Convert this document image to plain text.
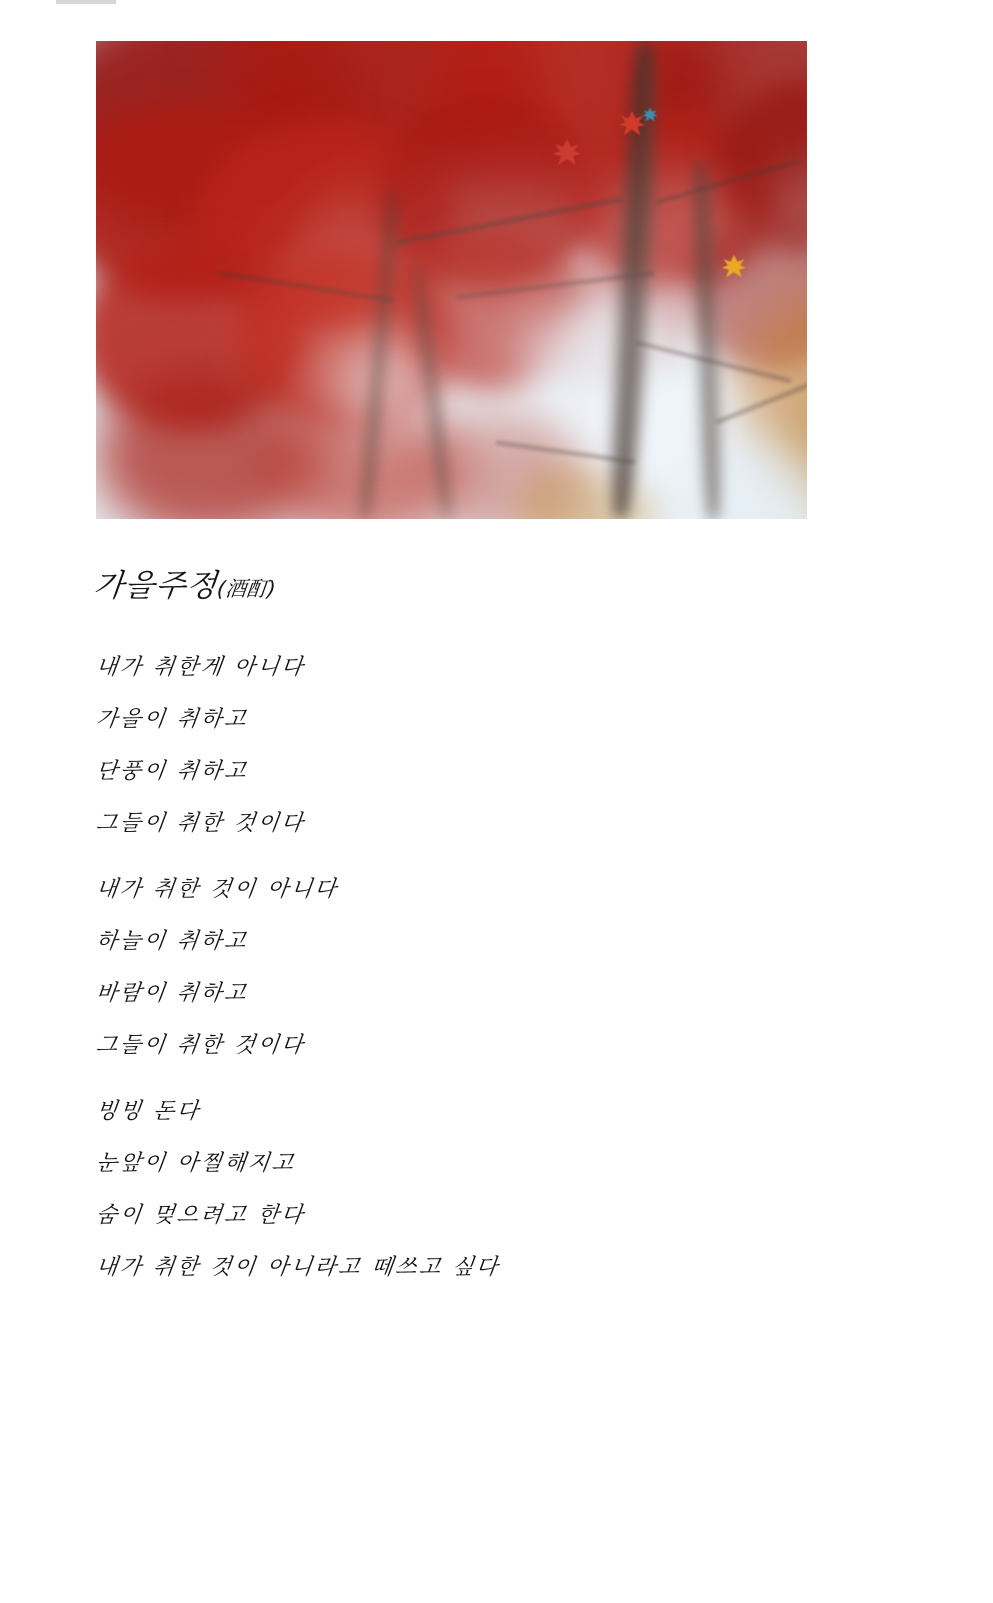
가을주정(酒酊)

내가 취한게 아니다

가을이 취하고

단풍이 취하고

그들이 취한 것이다

내가 취한 것이 아니다

하늘이 취하고

바람이 취하고

그들이 취한 것이다

빙빙 돈다

눈앞이 아찔해지고

숨이 멎으려고 한다

내가 취한 것이 아니라고 떼쓰고 싶다
